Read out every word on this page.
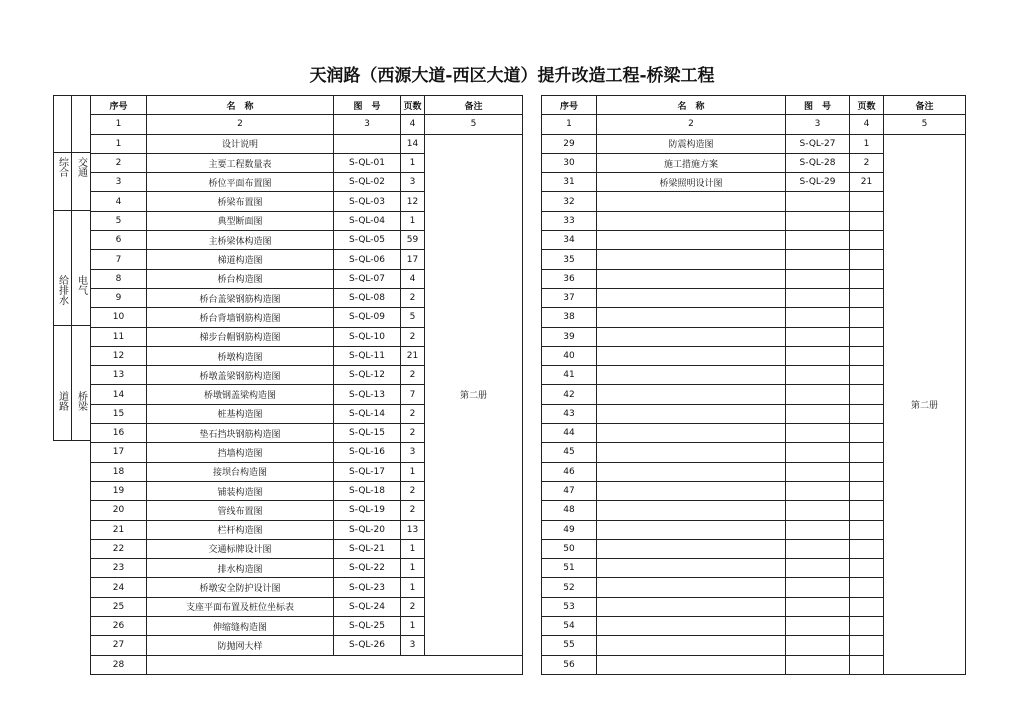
天润路（西源大道-西区大道）提升改造工程-桥梁工程
综合 交通
给排水 电气
道路 桥梁
序号	名　称	图　号	页数	备注		序号	名　称	图　号	页数	备注
1	2	3	4	5		1	2	3	4	5
1	设计说明		14	第二册		29	防震构造图	S-QL-27	1	第二册
2	主要工程数量表	S-QL-01	1			30	施工措施方案	S-QL-28	2	
3	桥位平面布置图	S-QL-02	3			31	桥梁照明设计图	S-QL-29	21	
4	桥梁布置图	S-QL-03	12			32				
5	典型断面图	S-QL-04	1			33				
6	主桥梁体构造图	S-QL-05	59			34				
7	梯道构造图	S-QL-06	17			35				
8	桥台构造图	S-QL-07	4			36				
9	桥台盖梁钢筋构造图	S-QL-08	2			37				
10	桥台背墙钢筋构造图	S-QL-09	5			38				
11	梯步台帽钢筋构造图	S-QL-10	2			39				
12	桥墩构造图	S-QL-11	21			40				
13	桥墩盖梁钢筋构造图	S-QL-12	2			41				
14	桥墩钢盖梁构造图	S-QL-13	7			42				
15	桩基构造图	S-QL-14	2			43				
16	垫石挡块钢筋构造图	S-QL-15	2			44				
17	挡墙构造图	S-QL-16	3			45				
18	接坝台构造图	S-QL-17	1			46				
19	铺装构造图	S-QL-18	2			47				
20	管线布置图	S-QL-19	2			48				
21	栏杆构造图	S-QL-20	13			49				
22	交通标牌设计图	S-QL-21	1			50				
23	排水构造图	S-QL-22	1			51				
24	桥墩安全防护设计图	S-QL-23	1			52				
25	支座平面布置及桩位坐标表	S-QL-24	2			53				
26	伸缩缝构造图	S-QL-25	1			54				
27	防抛网大样	S-QL-26	3			55				
28						56				
